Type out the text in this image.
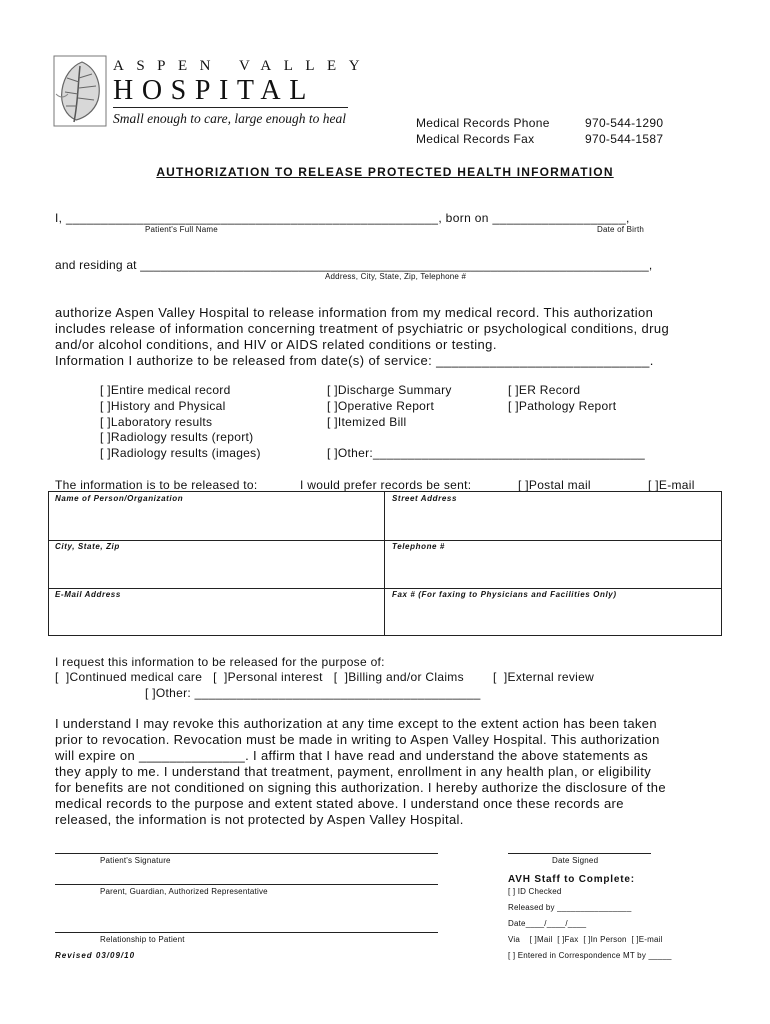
ASPEN VALLEY
HOSPITAL
Small enough to care, large enough to heal	Medical Records Phone	970-544-1290
Medical Records Fax	970-544-1587
AUTHORIZATION TO RELEASE PROTECTED HEALTH INFORMATION
I, _____________________________________________________, born on ___________________,
Patient's Full Name	Date of Birth
and residing at __________________________________________________________________________,
Address, City, State, Zip, Telephone #
authorize Aspen Valley Hospital to release information from my medical record. This authorization
includes release of information concerning treatment of psychiatric or psychological conditions, drug
and/or alcohol conditions, and HIV or AIDS related conditions or testing.
Information I authorize to be released from date(s) of service: ____________________________.
[ ]Entire medical record
[ ]History and Physical
[ ]Laboratory results
[ ]Radiology results (report)
[ ]Radiology results (images)
[ ]Discharge Summary
[ ]Operative Report
[ ]Itemized Bill

[ ]Other:_______________________________________
[ ]ER Record
[ ]Pathology Report
The information is to be released to:	I would prefer records be sent:	[ ]Postal mail	[ ]E-mail
Name of Person/Organization	Street Address
City, State, Zip	Telephone #
E-Mail Address	Fax # (For faxing to Physicians and Facilities Only)
I request this information to be released for the purpose of:
[  ]Continued medical care   [  ]Personal interest   [  ]Billing and/or Claims        [  ]External review
[ ]Other: _________________________________________
I understand I may revoke this authorization at any time except to the extent action has been taken
prior to revocation. Revocation must be made in writing to Aspen Valley Hospital. This authorization
will expire on ______________. I affirm that I have read and understand the above statements as
they apply to me. I understand that treatment, payment, enrollment in any health plan, or eligibility
for benefits are not conditioned on signing this authorization. I hereby authorize the disclosure of the
medical records to the purpose and extent stated above. I understand once these records are
released, the information is not protected by Aspen Valley Hospital.
Patient's Signature	Date Signed
Parent, Guardian, Authorized Representative
Relationship to Patient
Revised 03/09/10
AVH Staff to Complete:
[ ] ID Checked
Released by ________________
Date____/____/____
Via    [ ]Mail  [ ]Fax  [ ]In Person  [ ]E-mail
[ ] Entered in Correspondence MT by _____
